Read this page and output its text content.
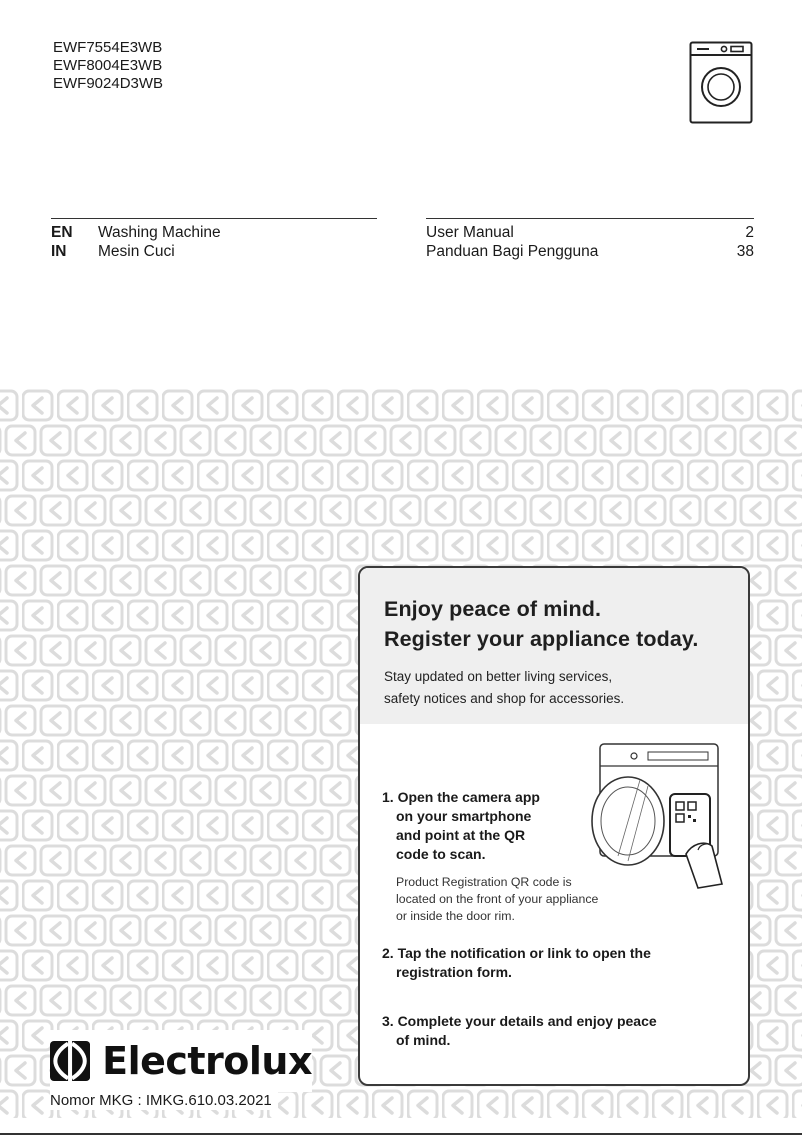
EWF7554E3WB
EWF8004E3WB
EWF9024D3WB
EN	Washing Machine
IN	Mesin Cuci
User Manual	2
Panduan Bagi Pengguna	38
Enjoy peace of mind.
Register your appliance today.
Stay updated on better living services,
safety notices and shop for accessories.
1. Open the camera app
on your smartphone
and point at the QR
code to scan.
Product Registration QR code is
located on the front of your appliance
or inside the door rim.
2. Tap the notification or link to open the
registration form.
3. Complete your details and enjoy peace
of mind.
Electrolux
Nomor MKG : IMKG.610.03.2021
